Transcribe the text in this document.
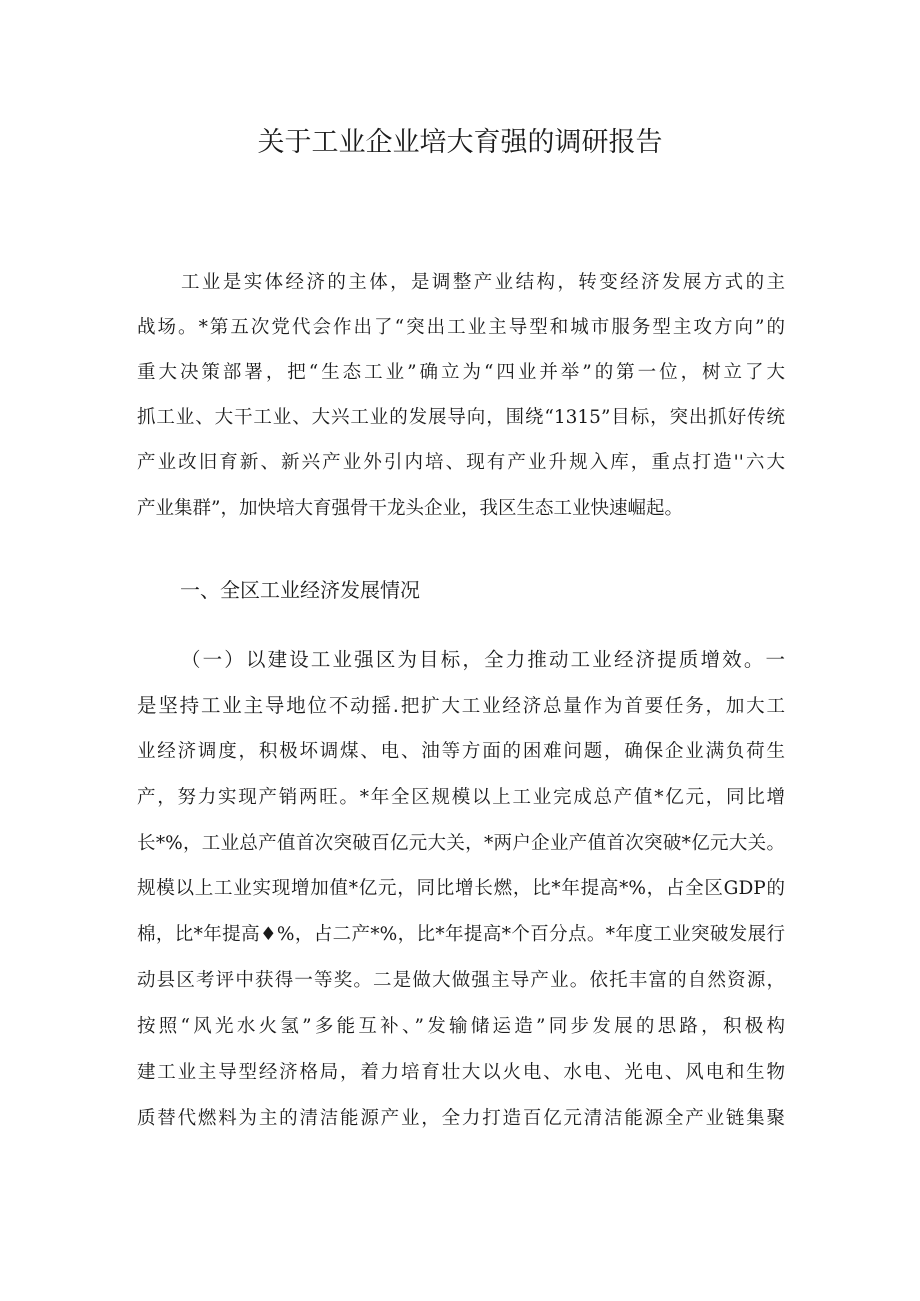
关于工业企业培大育强的调研报告
工业是实体经济的主体，是调整产业结构，转变经济发展方式的主
战场。*第五次党代会作出了“突出工业主导型和城市服务型主攻方向”的
重大决策部署，把“生态工业”确立为“四业并举”的第一位，树立了大
抓工业、大干工业、大兴工业的发展导向，围绕“1315”目标，突出抓好传统
产业改旧育新、新兴产业外引内培、现有产业升规入库，重点打造''六大
产业集群”，加快培大育强骨干龙头企业，我区生态工业快速崛起。
一、全区工业经济发展情况
（一）以建设工业强区为目标，全力推动工业经济提质增效。一
是坚持工业主导地位不动摇.把扩大工业经济总量作为首要任务，加大工
业经济调度，积极坏调煤、电、油等方面的困难问题，确保企业满负荷生
产，努力实现产销两旺。*年全区规模以上工业完成总产值*亿元，同比增
长*%，工业总产值首次突破百亿元大关，*两户企业产值首次突破*亿元大关。
规模以上工业实现增加值*亿元，同比增长燃，比*年提高*%，占全区GDP的
棉，比*年提高♦%，占二产*%，比*年提高*个百分点。*年度工业突破发展行
动县区考评中获得一等奖。二是做大做强主导产业。依托丰富的自然资源，
按照“风光水火氢”多能互补、”发输储运造”同步发展的思路，积极构
建工业主导型经济格局，着力培育壮大以火电、水电、光电、风电和生物
质替代燃料为主的清洁能源产业，全力打造百亿元清洁能源全产业链集聚
